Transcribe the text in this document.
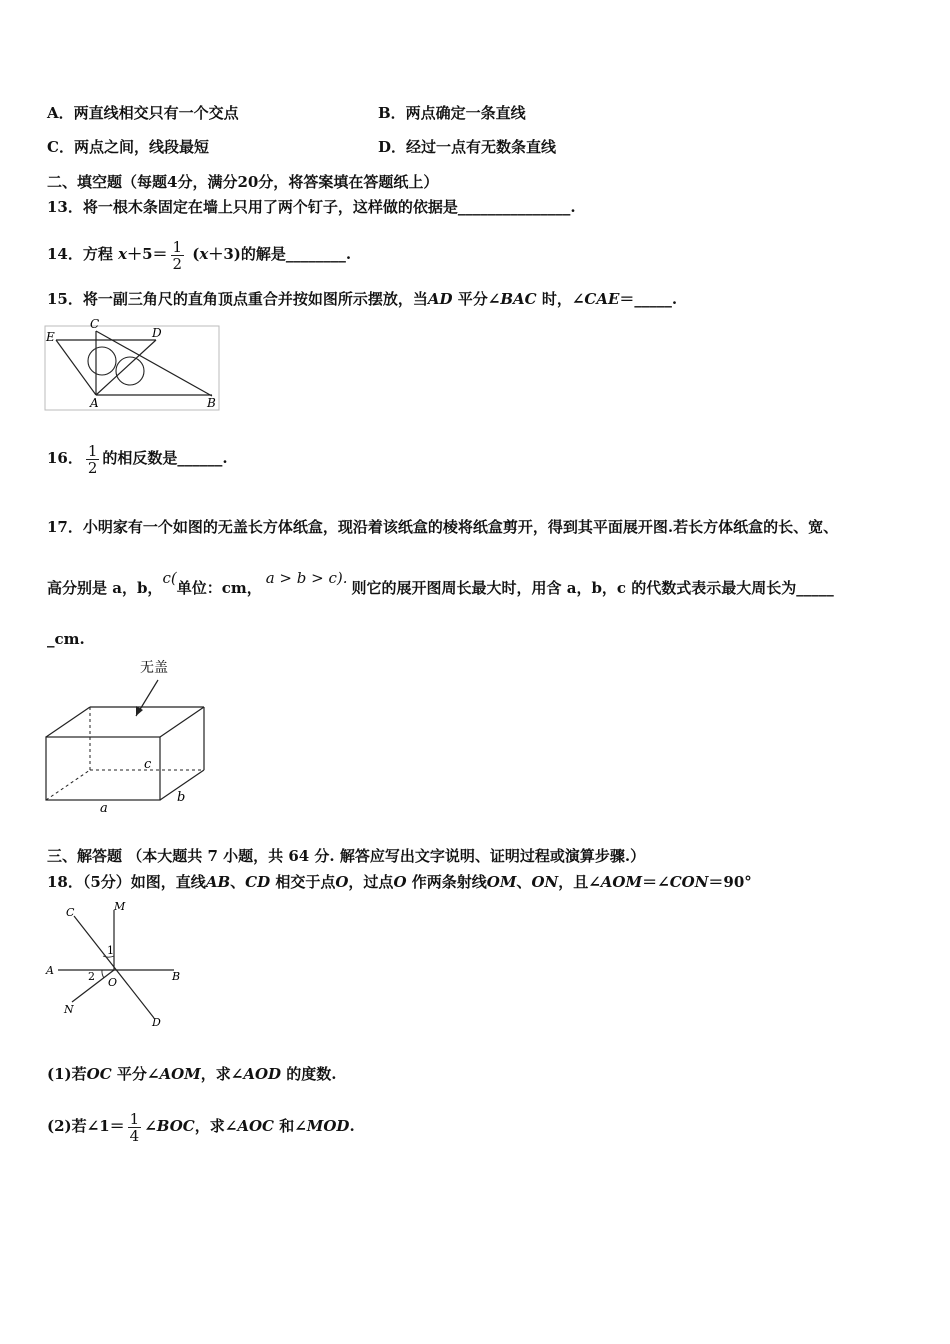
A．两直线相交只有一个交点	B．两点确定一条直线
C．两点之间，线段最短	D．经过一点有无数条直线
二、填空题（每题4分，满分20分，将答案填在答题纸上）
13．将一根木条固定在墙上只用了两个钉子，这样做的依据是_______________.
14．方程 $x+5= \frac{1}{2} (x+3)$的解是________.
15．将一副三角尺的直角顶点重合并按如图所示摆放，当AD 平分∠BAC 时，∠CAE＝_____.
E
C
D
A	B
16． $\frac{1}{2}$ 的相反数是______.
17．小明家有一个如图的无盖长方体纸盒，现沿着该纸盒的棱将纸盒剪开，得到其平面展开图.若长方体纸盒的长、宽、
高分别是 a，b，c(单位：cm，a > b > c).则它的展开图周长最大时，用含 a，b，c 的代数式表示最大周长为_____
_cm.
无盖
c
a
b
三、解答题 （本大题共 7 小题，共 64 分. 解答应写出文字说明、证明过程或演算步骤.）
18．（5分）如图，直线AB、CD 相交于点O，过点O 作两条射线OM、ON，且∠AOM＝∠CON＝90°
C	M
1
A	2 O	B
N
D
(1)若OC 平分∠AOM，求∠AOD 的度数.
(2)若∠1＝ $\frac{1}{4}$ ∠BOC，求∠AOC 和∠MOD.
